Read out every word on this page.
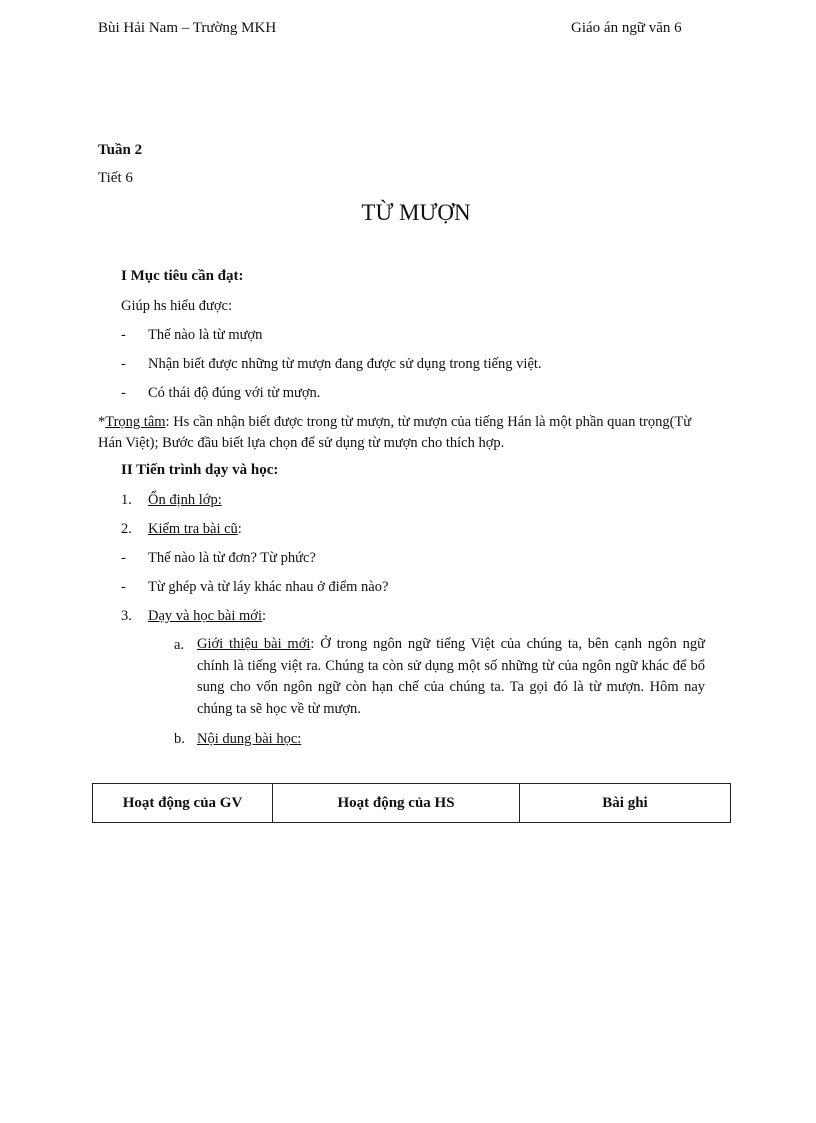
Bùi Hải Nam – Trường MKH	Giáo án ngữ văn 6
Tuần 2
Tiết 6
TỪ MƯỢN
I Mục tiêu cần đạt:
Giúp hs hiểu được:
- Thế nào là từ mượn
- Nhận biết được những từ mượn đang được sử dụng trong tiếng việt.
- Có thái độ đúng với từ mượn.
*Trọng tâm: Hs cần nhận biết được trong từ mượn, từ mượn của tiếng Hán là một phần quan trọng(Từ Hán Việt); Bước đầu biết lựa chọn để sử dụng từ mượn cho thích hợp.
II Tiến trình dạy và học:
1. Ổn định lớp:
2. Kiểm tra bài cũ:
- Thế nào là từ đơn? Từ phức?
- Từ ghép và từ láy khác nhau ở điểm nào?
3. Dạy và học bài mới:
a. Giới thiệu bài mới: Ở trong ngôn ngữ tiếng Việt của chúng ta, bên cạnh ngôn ngữ chính là tiếng việt ra. Chúng ta còn sử dụng một số những từ của ngôn ngữ khác để bổ sung cho vốn ngôn ngữ còn hạn chế của chúng ta. Ta gọi đó là từ mượn. Hôm nay chúng ta sẽ học về từ mượn.
b. Nội dung bài học:
Hoạt động của GV	Hoạt động của HS	Bài ghi
